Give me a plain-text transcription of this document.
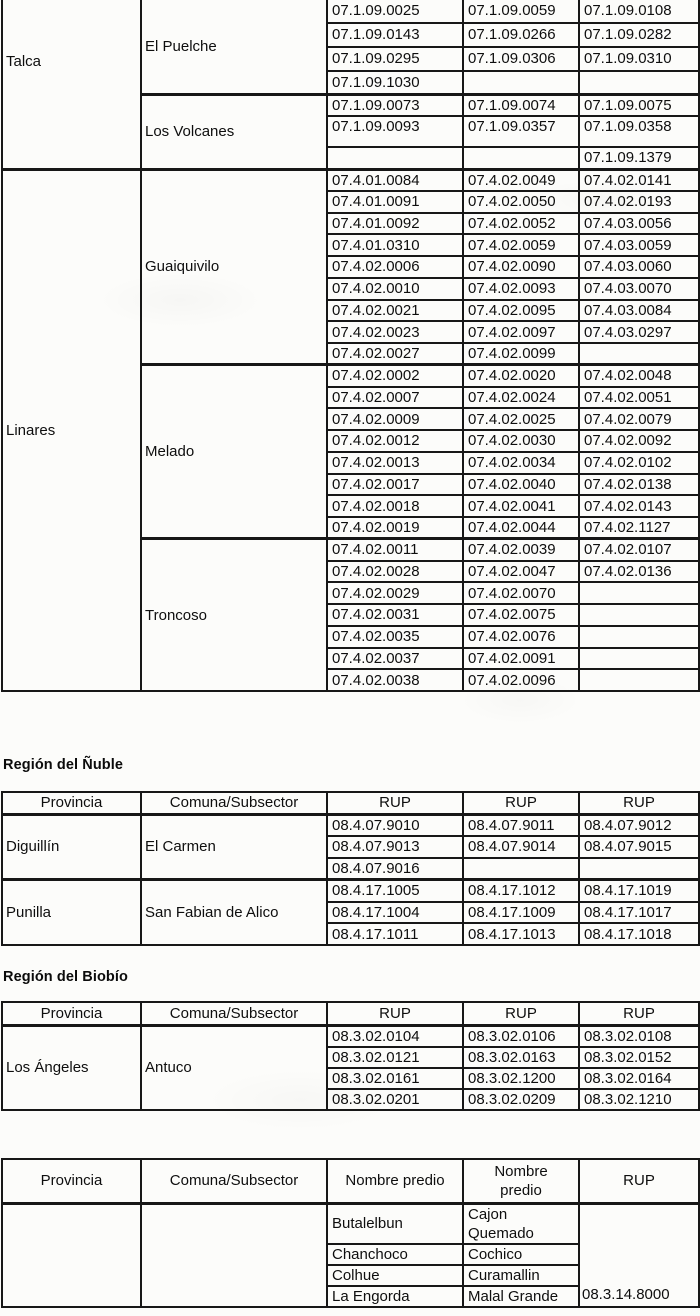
Talca	El Puelche	07.1.09.0025	07.1.09.0059	07.1.09.0108
		07.1.09.0143	07.1.09.0266	07.1.09.0282
		07.1.09.0295	07.1.09.0306	07.1.09.0310
		07.1.09.1030		
	Los Volcanes	07.1.09.0073	07.1.09.0074	07.1.09.0075
		07.1.09.0093	07.1.09.0357	07.1.09.0358
				07.1.09.1379
Linares	Guaiquivilo	07.4.01.0084	07.4.02.0049	07.4.02.0141
		07.4.01.0091	07.4.02.0050	07.4.02.0193
		07.4.01.0092	07.4.02.0052	07.4.03.0056
		07.4.01.0310	07.4.02.0059	07.4.03.0059
		07.4.02.0006	07.4.02.0090	07.4.03.0060
		07.4.02.0010	07.4.02.0093	07.4.03.0070
		07.4.02.0021	07.4.02.0095	07.4.03.0084
		07.4.02.0023	07.4.02.0097	07.4.03.0297
		07.4.02.0027	07.4.02.0099	
	Melado	07.4.02.0002	07.4.02.0020	07.4.02.0048
		07.4.02.0007	07.4.02.0024	07.4.02.0051
		07.4.02.0009	07.4.02.0025	07.4.02.0079
		07.4.02.0012	07.4.02.0030	07.4.02.0092
		07.4.02.0013	07.4.02.0034	07.4.02.0102
		07.4.02.0017	07.4.02.0040	07.4.02.0138
		07.4.02.0018	07.4.02.0041	07.4.02.0143
		07.4.02.0019	07.4.02.0044	07.4.02.1127
	Troncoso	07.4.02.0011	07.4.02.0039	07.4.02.0107
		07.4.02.0028	07.4.02.0047	07.4.02.0136
		07.4.02.0029	07.4.02.0070	
		07.4.02.0031	07.4.02.0075	
		07.4.02.0035	07.4.02.0076	
		07.4.02.0037	07.4.02.0091	
		07.4.02.0038	07.4.02.0096	
Región del Ñuble
Provincia	Comuna/Subsector	RUP	RUP	RUP
Diguillín	El Carmen	08.4.07.9010	08.4.07.9011	08.4.07.9012
		08.4.07.9013	08.4.07.9014	08.4.07.9015
		08.4.07.9016		
Punilla	San Fabian de Alico	08.4.17.1005	08.4.17.1012	08.4.17.1019
		08.4.17.1004	08.4.17.1009	08.4.17.1017
		08.4.17.1011	08.4.17.1013	08.4.17.1018
Región del Biobío
Provincia	Comuna/Subsector	RUP	RUP	RUP
Los Ángeles	Antuco	08.3.02.0104	08.3.02.0106	08.3.02.0108
		08.3.02.0121	08.3.02.0163	08.3.02.0152
		08.3.02.0161	08.3.02.1200	08.3.02.0164
		08.3.02.0201	08.3.02.0209	08.3.02.1210
Provincia	Comuna/Subsector	Nombre predio	Nombre predio	RUP
		Butalelbun	Cajon Quemado	08.3.14.8000
		Chanchoco	Cochico	
		Colhue	Curamallin	
		La Engorda	Malal Grande	
